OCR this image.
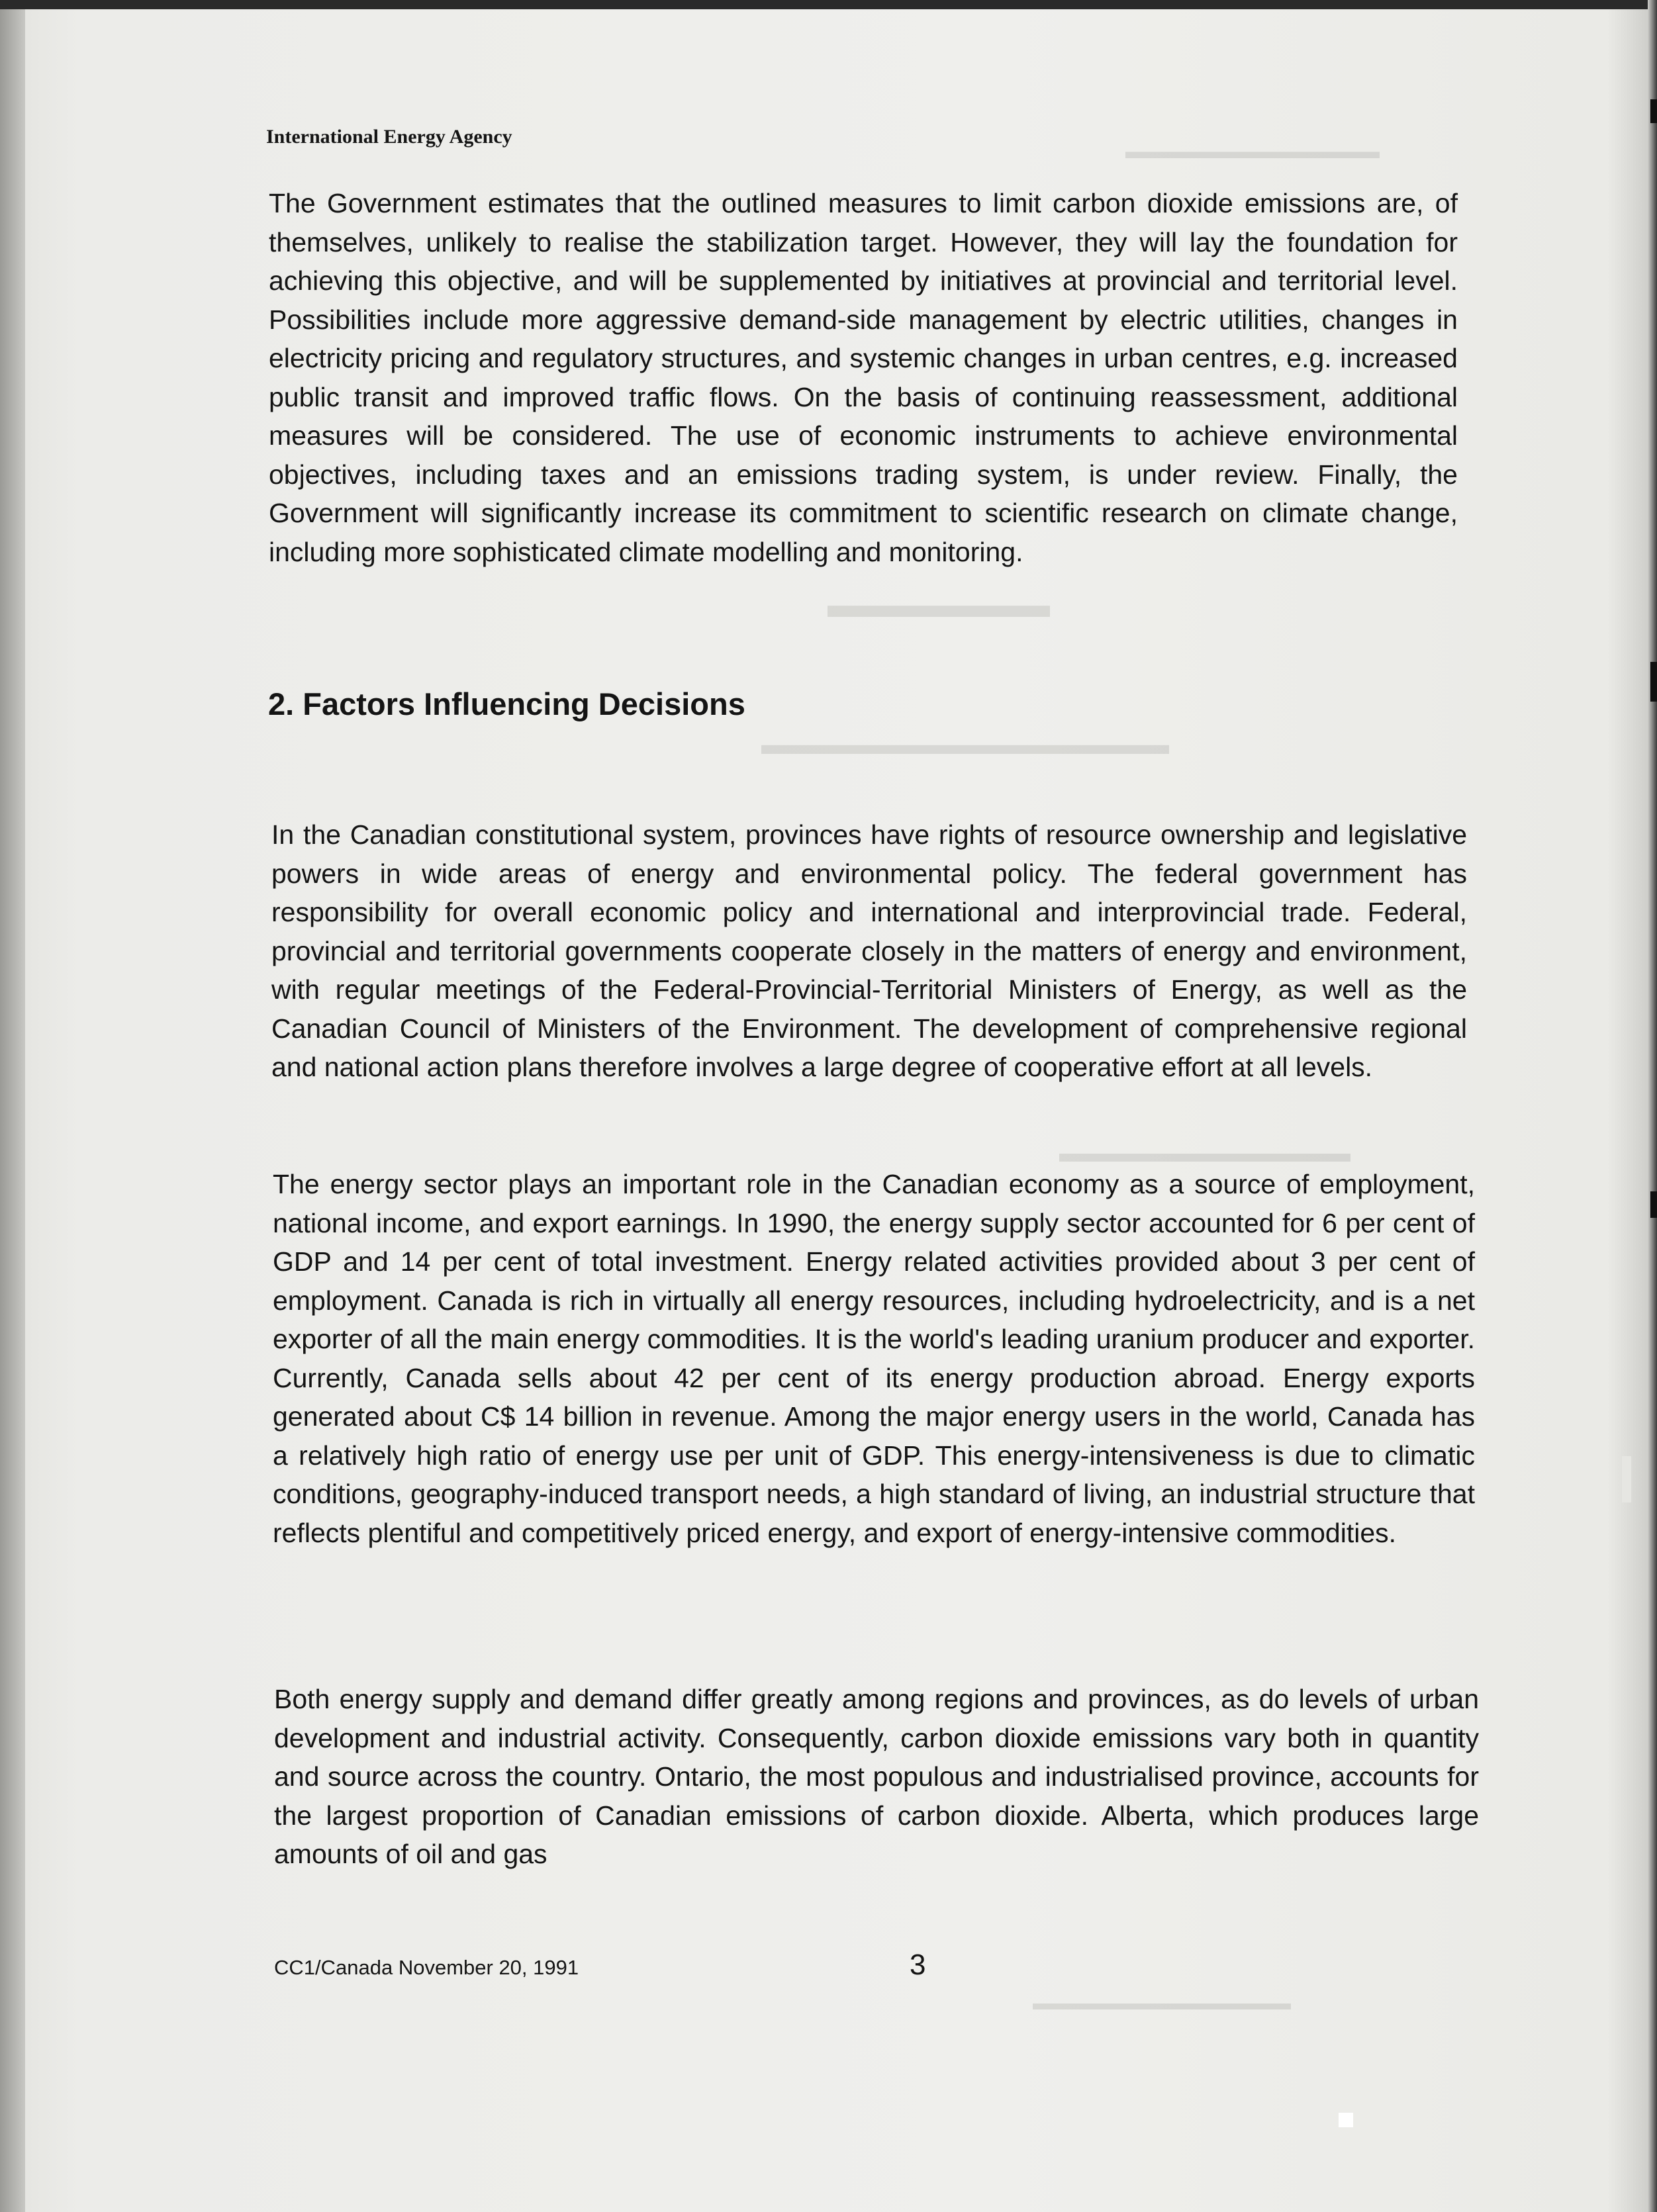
▬▬▬▬▬▬▬▬▬▬▬▬
▬▬▬▬▬▬
▬▬▬▬▬▬▬▬▬▬▬▬▬▬
▬▬▬▬▬▬▬▬▬▬▬
▬▬▬▬▬▬▬▬▬▬▬▬▬
International Energy Agency

The Government estimates that the outlined measures to limit carbon dioxide emissions are, of themselves, unlikely to realise the stabilization target. However, they will lay the foundation for achieving this objective, and will be supplemented by initiatives at provincial and territorial level. Possibilities include more aggressive demand-side management by electric utilities, changes in electricity pricing and regulatory structures, and systemic changes in urban centres, e.g. increased public transit and improved traffic flows. On the basis of continuing reassessment, additional measures will be considered. The use of economic instruments to achieve environmental objectives, including taxes and an emissions trading system, is under review. Finally, the Government will significantly increase its commitment to scientific research on climate change, including more sophisticated climate modelling and monitoring.

2. Factors Influencing Decisions

In the Canadian constitutional system, provinces have rights of resource ownership and legislative powers in wide areas of energy and environmental policy. The federal government has responsibility for overall economic policy and international and interprovincial trade. Federal, provincial and territorial governments cooperate closely in the matters of energy and environment, with regular meetings of the Federal-Provincial-Territorial Ministers of Energy, as well as the Canadian Council of Ministers of the Environment. The development of comprehensive regional and national action plans therefore involves a large degree of cooperative effort at all levels.

The energy sector plays an important role in the Canadian economy as a source of employment, national income, and export earnings. In 1990, the energy supply sector accounted for 6 per cent of GDP and 14 per cent of total investment. Energy related activities provided about 3 per cent of employment. Canada is rich in virtually all energy resources, including hydroelectricity, and is a net exporter of all the main energy commodities. It is the world's leading uranium producer and exporter. Currently, Canada sells about 42 per cent of its energy production abroad. Energy exports generated about C$ 14 billion in revenue. Among the major energy users in the world, Canada has a relatively high ratio of energy use per unit of GDP. This energy-intensiveness is due to climatic conditions, geography-induced transport needs, a high standard of living, an industrial structure that reflects plentiful and competitively priced energy, and export of energy-intensive commodities.

Both energy supply and demand differ greatly among regions and provinces, as do levels of urban development and industrial activity. Consequently, carbon dioxide emissions vary both in quantity and source across the country. Ontario, the most populous and industrialised province, accounts for the largest proportion of Canadian emissions of carbon dioxide. Alberta, which produces large amounts of oil and gas

CC1/Canada November 20, 1991	3
